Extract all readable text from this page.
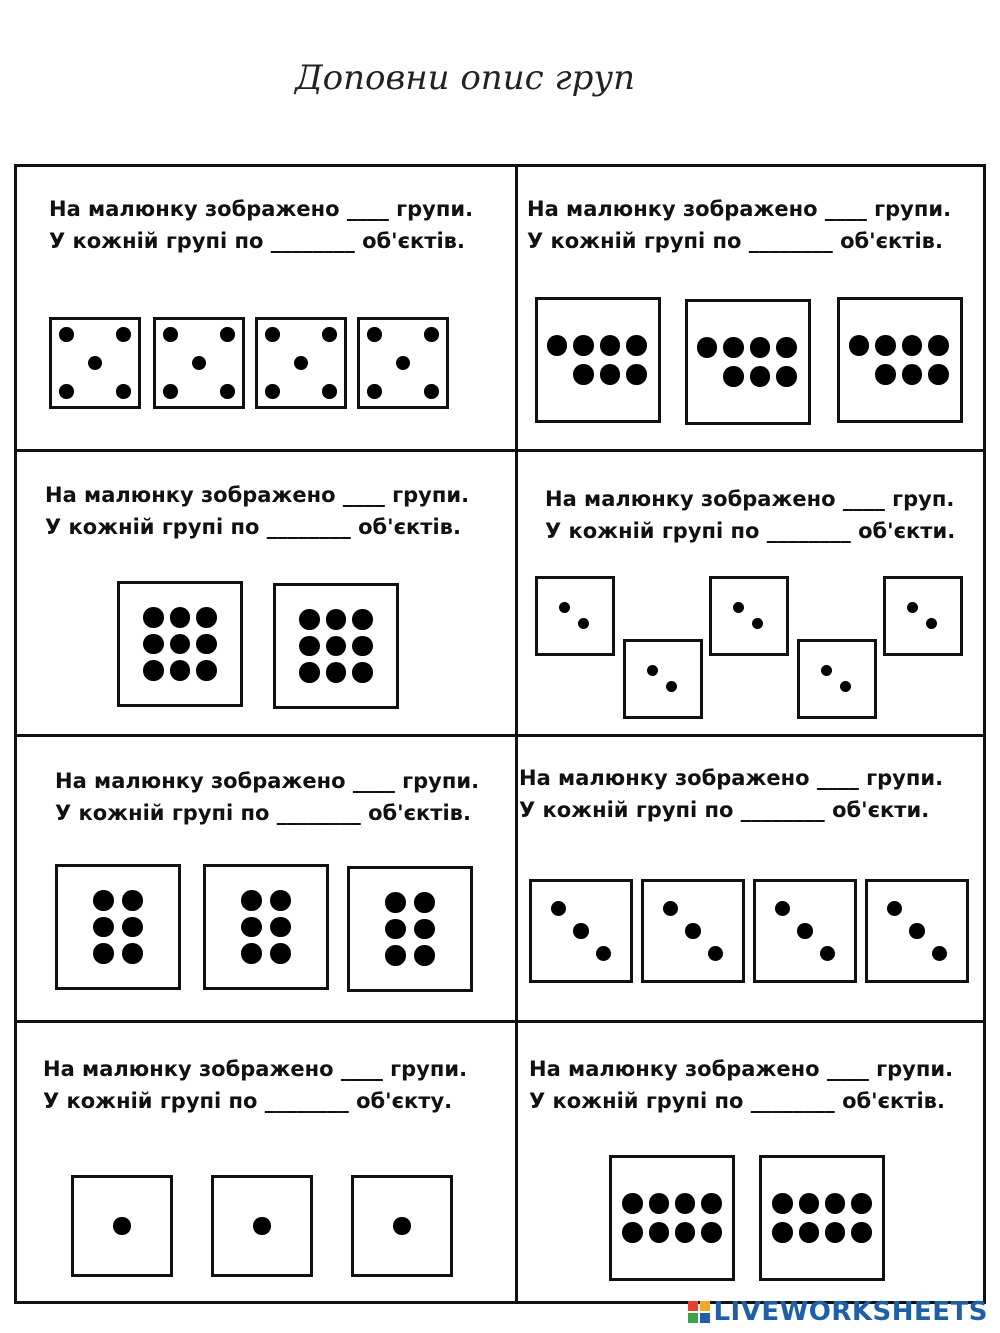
Доповни опис груп
На малюнку зображено ____ групи.
У кожній групі по ________ об'єктів.
На малюнку зображено ____ групи.
У кожній групі по ________ об'єктів.
На малюнку зображено ____ групи.
У кожній групі по ________ об'єктів.
На малюнку зображено ____ груп.
У кожній групі по ________ об'єкти.
На малюнку зображено ____ групи.
У кожній групі по ________ об'єктів.
На малюнку зображено ____ групи.
У кожній групі по ________ об'єкти.
На малюнку зображено ____ групи.
У кожній групі по ________ об'єкту.
На малюнку зображено ____ групи.
У кожній групі по ________ об'єктів.
LIVEWORKSHEETS
